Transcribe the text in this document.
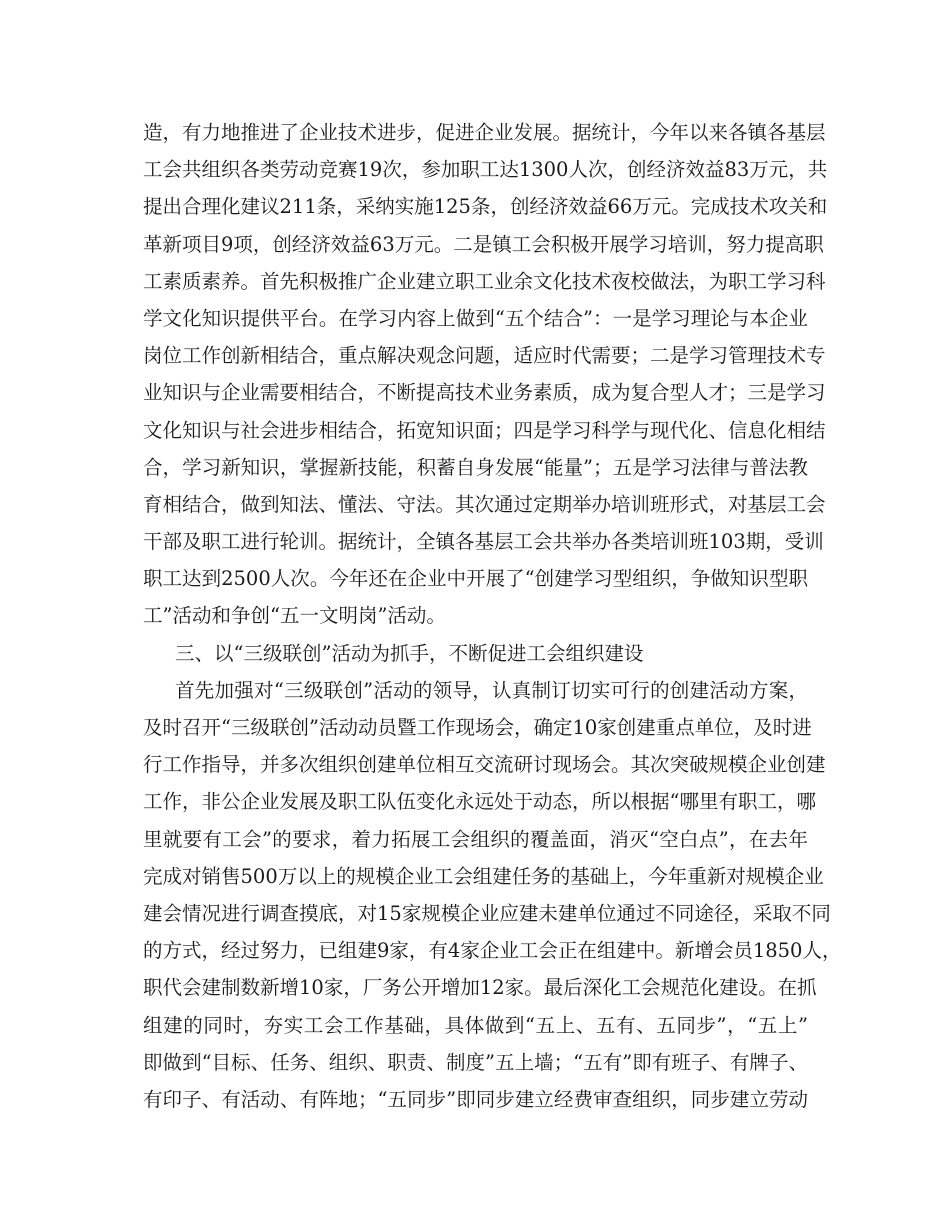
造，有力地推进了企业技术进步，促进企业发展。据统计，今年以来各镇各基层
工会共组织各类劳动竞赛19次，参加职工达1300人次，创经济效益83万元，共
提出合理化建议211条，采纳实施125条，创经济效益66万元。完成技术攻关和
革新项目9项，创经济效益63万元。二是镇工会积极开展学习培训，努力提高职
工素质素养。首先积极推广企业建立职工业余文化技术夜校做法，为职工学习科
学文化知识提供平台。在学习内容上做到“五个结合”：一是学习理论与本企业
岗位工作创新相结合，重点解决观念问题，适应时代需要；二是学习管理技术专
业知识与企业需要相结合，不断提高技术业务素质，成为复合型人才；三是学习
文化知识与社会进步相结合，拓宽知识面；四是学习科学与现代化、信息化相结
合，学习新知识，掌握新技能，积蓄自身发展“能量”；五是学习法律与普法教
育相结合，做到知法、懂法、守法。其次通过定期举办培训班形式，对基层工会
干部及职工进行轮训。据统计，全镇各基层工会共举办各类培训班103期，受训
职工达到2500人次。今年还在企业中开展了“创建学习型组织，争做知识型职
工”活动和争创“五一文明岗”活动。
三、以“三级联创”活动为抓手，不断促进工会组织建设
首先加强对“三级联创”活动的领导，认真制订切实可行的创建活动方案，
及时召开“三级联创”活动动员暨工作现场会，确定10家创建重点单位，及时进
行工作指导，并多次组织创建单位相互交流研讨现场会。其次突破规模企业创建
工作，非公企业发展及职工队伍变化永远处于动态，所以根据“哪里有职工，哪
里就要有工会”的要求，着力拓展工会组织的覆盖面，消灭“空白点”，在去年
完成对销售500万以上的规模企业工会组建任务的基础上，今年重新对规模企业
建会情况进行调查摸底，对15家规模企业应建未建单位通过不同途径，采取不同
的方式，经过努力，已组建9家，有4家企业工会正在组建中。新增会员1850人，
职代会建制数新增10家，厂务公开增加12家。最后深化工会规范化建设。在抓
组建的同时，夯实工会工作基础，具体做到“五上、五有、五同步”，“五上”
即做到“目标、任务、组织、职责、制度”五上墙；“五有”即有班子、有牌子、
有印子、有活动、有阵地；“五同步”即同步建立经费审查组织，同步建立劳动
